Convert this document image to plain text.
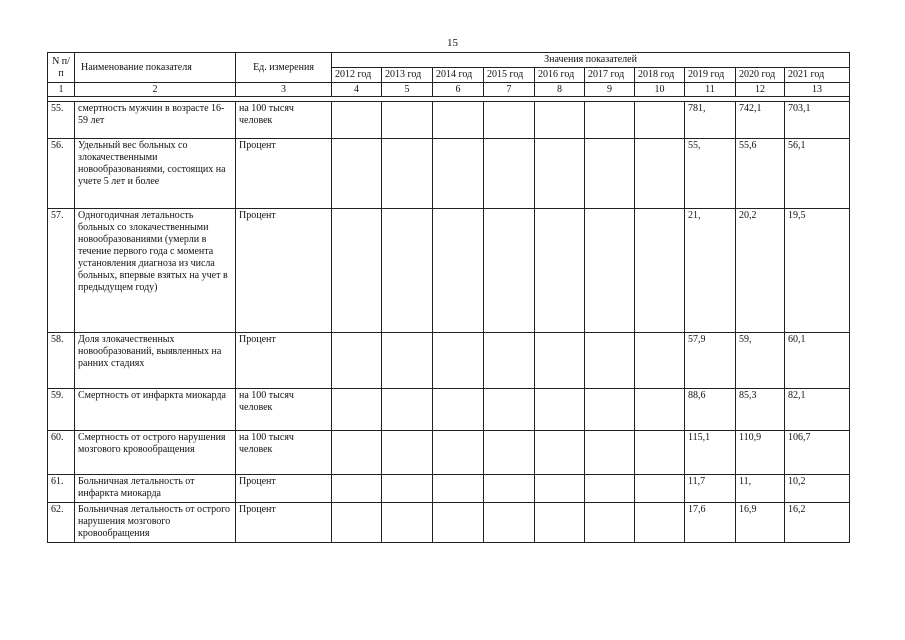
15
N п/п	Наименование показателя	Ед. измерения	Значения показателей									
			2012 год	2013 год	2014 год	2015 год	2016 год	2017 год	2018 год	2019 год	2020 год	2021 год
1	2	3	4	5	6	7	8	9	10	11	12	13

55.	смертность мужчин в возрасте 16-59 лет	на 100 тысяч человек								781,	742,1	703,1
56.	Удельный вес больных со злокачественными новообразованиями, состоящих на учете 5 лет и более	Процент								55,	55,6	56,1
57.	Одногодичная летальность больных со злокачественными новообразованиями (умерли в течение первого года с момента установления диагноза из числа больных, впервые взятых на учет в предыдущем году)	Процент								21,	20,2	19,5
58.	Доля злокачественных новообразований, выявленных на ранних стадиях	Процент								57,9	59,	60,1
59.	Смертность от инфаркта миокарда	на 100 тысяч человек								88,6	85,3	82,1
60.	Смертность от острого нарушения мозгового кровообращения	на 100 тысяч человек								115,1	110,9	106,7
61.	Больничная летальность от инфаркта миокарда	Процент								11,7	11,	10,2
62.	Больничная летальность от острого нарушения мозгового кровообращения	Процент								17,6	16,9	16,2
